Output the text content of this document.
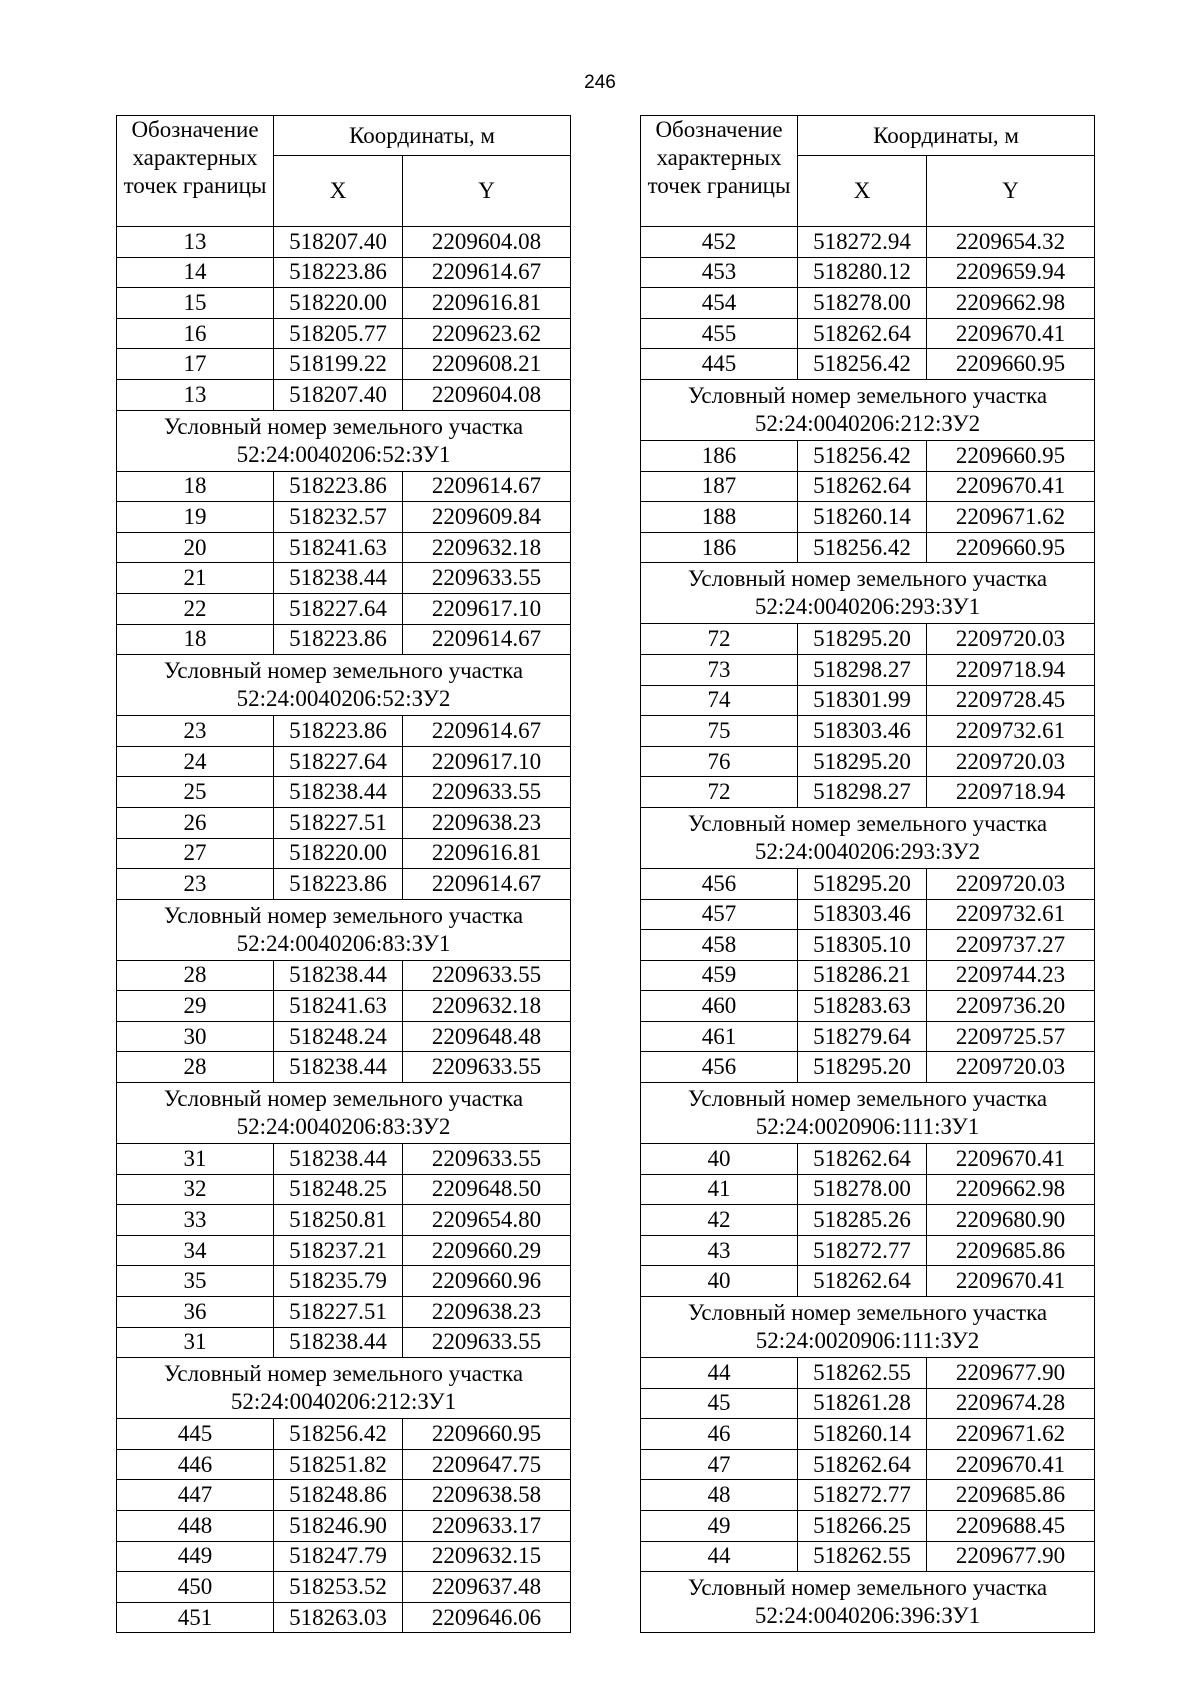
246
Обозначение характерных точек границы	Координаты, м	
	X	Y
13	518207.40	2209604.08
14	518223.86	2209614.67
15	518220.00	2209616.81
16	518205.77	2209623.62
17	518199.22	2209608.21
13	518207.40	2209604.08

Условный номер земельного участка
52:24:0040206:52:ЗУ1		

18	518223.86	2209614.67
19	518232.57	2209609.84
20	518241.63	2209632.18
21	518238.44	2209633.55
22	518227.64	2209617.10
18	518223.86	2209614.67

Условный номер земельного участка
52:24:0040206:52:ЗУ2		

23	518223.86	2209614.67
24	518227.64	2209617.10
25	518238.44	2209633.55
26	518227.51	2209638.23
27	518220.00	2209616.81
23	518223.86	2209614.67

Условный номер земельного участка
52:24:0040206:83:ЗУ1		

28	518238.44	2209633.55
29	518241.63	2209632.18
30	518248.24	2209648.48
28	518238.44	2209633.55

Условный номер земельного участка
52:24:0040206:83:ЗУ2		

31	518238.44	2209633.55
32	518248.25	2209648.50
33	518250.81	2209654.80
34	518237.21	2209660.29
35	518235.79	2209660.96
36	518227.51	2209638.23
31	518238.44	2209633.55

Условный номер земельного участка
52:24:0040206:212:ЗУ1		

445	518256.42	2209660.95
446	518251.82	2209647.75
447	518248.86	2209638.58
448	518246.90	2209633.17
449	518247.79	2209632.15
450	518253.52	2209637.48
451	518263.03	2209646.06
Обозначение характерных точек границы	Координаты, м	
	X	Y
452	518272.94	2209654.32
453	518280.12	2209659.94
454	518278.00	2209662.98
455	518262.64	2209670.41
445	518256.42	2209660.95

Условный номер земельного участка
52:24:0040206:212:ЗУ2		

186	518256.42	2209660.95
187	518262.64	2209670.41
188	518260.14	2209671.62
186	518256.42	2209660.95

Условный номер земельного участка
52:24:0040206:293:ЗУ1		

72	518295.20	2209720.03
73	518298.27	2209718.94
74	518301.99	2209728.45
75	518303.46	2209732.61
76	518295.20	2209720.03
72	518298.27	2209718.94

Условный номер земельного участка
52:24:0040206:293:ЗУ2		

456	518295.20	2209720.03
457	518303.46	2209732.61
458	518305.10	2209737.27
459	518286.21	2209744.23
460	518283.63	2209736.20
461	518279.64	2209725.57
456	518295.20	2209720.03

Условный номер земельного участка
52:24:0020906:111:ЗУ1		

40	518262.64	2209670.41
41	518278.00	2209662.98
42	518285.26	2209680.90
43	518272.77	2209685.86
40	518262.64	2209670.41

Условный номер земельного участка
52:24:0020906:111:ЗУ2		

44	518262.55	2209677.90
45	518261.28	2209674.28
46	518260.14	2209671.62
47	518262.64	2209670.41
48	518272.77	2209685.86
49	518266.25	2209688.45
44	518262.55	2209677.90

Условный номер земельного участка
52:24:0040206:396:ЗУ1		
